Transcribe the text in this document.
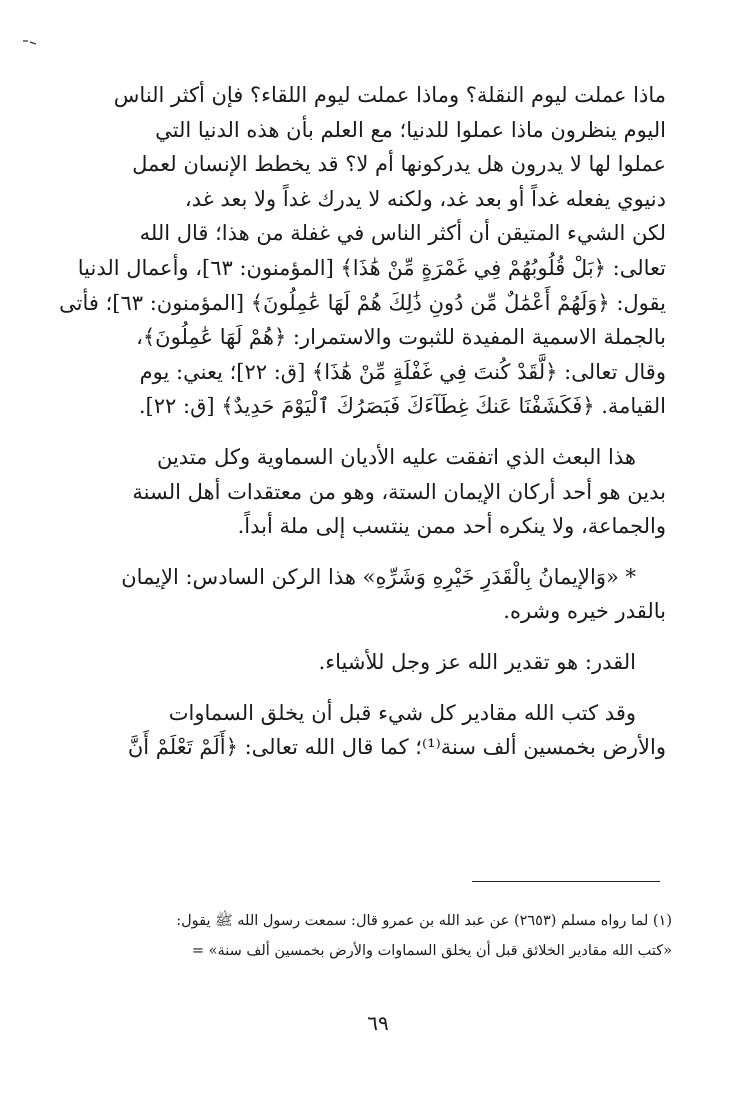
ماذا عملت ليوم النقلة؟ وماذا عملت ليوم اللقاء؟ فإن أكثر الناس
اليوم ينظرون ماذا عملوا للدنيا؛ مع العلم بأن هذه الدنيا التي
عملوا لها لا يدرون هل يدركونها أم لا؟ قد يخطط الإنسان لعمل
دنيوي يفعله غداً أو بعد غد، ولكنه لا يدرك غداً ولا بعد غد،
لكن الشيء المتيقن أن أكثر الناس في غفلة من هذا؛ قال الله
تعالى: ﴿بَلْ قُلُوبُهُمْ فِي غَمْرَةٍ مِّنْ هَٰذَا﴾ [المؤمنون: ٦٣]، وأعمال الدنيا
يقول: ﴿وَلَهُمْ أَعْمَٰلٌ مِّن دُونِ ذَٰلِكَ هُمْ لَهَا عَٰمِلُونَ﴾ [المؤمنون: ٦٣]؛ فأتى
بالجملة الاسمية المفيدة للثبوت والاستمرار: ﴿هُمْ لَهَا عَٰمِلُونَ﴾،
وقال تعالى: ﴿لَّقَدْ كُنتَ فِي غَفْلَةٍ مِّنْ هَٰذَا﴾ [ق: ٢٢]؛ يعني: يوم
القيامة. ﴿فَكَشَفْنَا عَنكَ غِطَآءَكَ فَبَصَرُكَ ٱلْيَوْمَ حَدِيدٌ﴾ [ق: ٢٢].
هذا البعث الذي اتفقت عليه الأديان السماوية وكل متدين
بدين هو أحد أركان الإيمان الستة، وهو من معتقدات أهل السنة
والجماعة، ولا ينكره أحد ممن ينتسب إلى ملة أبداً.
* «وَالإيمانُ بِالْقَدَرِ خَيْرِهِ وَشَرِّهِ» هذا الركن السادس: الإيمان
بالقدر خيره وشره.
القدر: هو تقدير الله عز وجل للأشياء.
وقد كتب الله مقادير كل شيء قبل أن يخلق السماوات
والأرض بخمسين ألف سنة⁽¹⁾؛ كما قال الله تعالى: ﴿أَلَمْ تَعْلَمْ أَنَّ
(١) لما رواه مسلم (٢٦٥٣) عن عبد الله بن عمرو قال: سمعت رسول الله ﷺ يقول:
«كتب الله مقادير الخلائق قبل أن يخلق السماوات والأرض بخمسين ألف سنة» =
٦٩
